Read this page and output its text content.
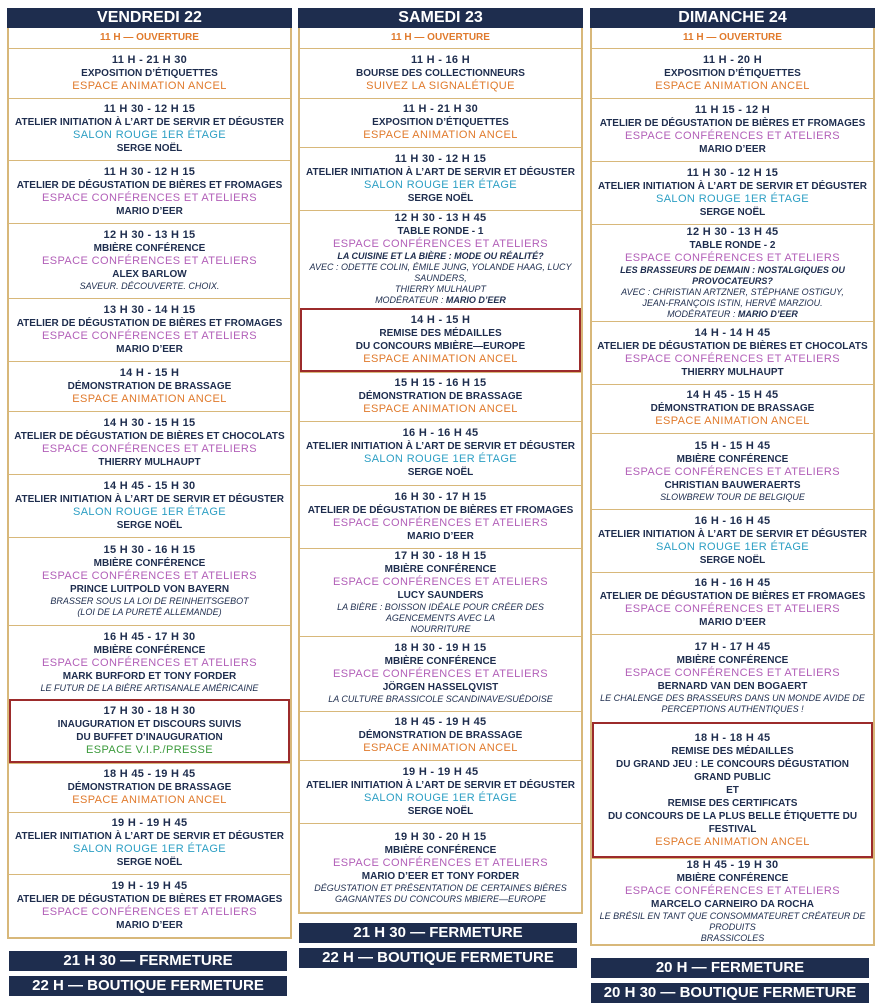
VENDREDI 22
11 H — OUVERTURE
11 H - 21 H 30
EXPOSITION D’ÉTIQUETTES
ESPACE ANIMATION ANCEL
11 H 30 - 12 H 15
ATELIER INITIATION À L’ART DE SERVIR ET DÉGUSTER
SALON ROUGE 1ER ÉTAGE
SERGE NOËL
11 H 30 - 12 H 15
ATELIER DE DÉGUSTATION DE BIÈRES ET FROMAGES
ESPACE CONFÉRENCES ET ATELIERS
MARIO D’EER
12 H 30 - 13 H 15
MBIÈRE CONFÉRENCE
ESPACE CONFÉRENCES ET ATELIERS
ALEX BARLOW
SAVEUR. DÉCOUVERTE. CHOIX.
13 H 30 - 14 H 15
ATELIER DE DÉGUSTATION DE BIÈRES ET FROMAGES
ESPACE CONFÉRENCES ET ATELIERS
MARIO D’EER
14 H - 15 H
DÉMONSTRATION DE BRASSAGE
ESPACE ANIMATION ANCEL
14 H 30 - 15 H 15
ATELIER DE DÉGUSTATION DE BIÈRES ET CHOCOLATS
ESPACE CONFÉRENCES ET ATELIERS
THIERRY MULHAUPT
14 H 45 - 15 H 30
ATELIER INITIATION À L’ART DE SERVIR ET DÉGUSTER
SALON ROUGE 1ER ÉTAGE
SERGE NOËL
15 H 30 - 16 H 15
MBIÈRE CONFÉRENCE
ESPACE CONFÉRENCES ET ATELIERS
PRINCE LUITPOLD VON BAYERN
BRASSER SOUS LA LOI DE REINHEITSGEBOT
(LOI DE LA PURETÉ ALLEMANDE)
16 H 45 - 17 H 30
MBIÈRE CONFÉRENCE
ESPACE CONFÉRENCES ET ATELIERS
MARK BURFORD ET TONY FORDER
LE FUTUR DE LA BIÈRE ARTISANALE AMÉRICAINE
17 H 30 - 18 H 30
INAUGURATION ET DISCOURS SUIVIS
DU BUFFET D’INAUGURATION
ESPACE V.I.P./PRESSE
18 H 45 - 19 H 45
DÉMONSTRATION DE BRASSAGE
ESPACE ANIMATION ANCEL
19 H - 19 H 45
ATELIER INITIATION À L’ART DE SERVIR ET DÉGUSTER
SALON ROUGE 1ER ÉTAGE
SERGE NOËL
19 H - 19 H 45
ATELIER DE DÉGUSTATION DE BIÈRES ET FROMAGES
ESPACE CONFÉRENCES ET ATELIERS
MARIO D’EER
21 H 30 — FERMETURE
22 H — BOUTIQUE FERMETURE
SAMEDI 23
11 H — OUVERTURE
11 H - 16 H
BOURSE DES COLLECTIONNEURS
SUIVEZ LA SIGNALÉTIQUE
11 H - 21 H 30
EXPOSITION D’ÉTIQUETTES
ESPACE ANIMATION ANCEL
11 H 30 - 12 H 15
ATELIER INITIATION À L’ART DE SERVIR ET DÉGUSTER
SALON ROUGE 1ER ÉTAGE
SERGE NOËL
12 H 30 - 13 H 45
TABLE RONDE - 1
ESPACE CONFÉRENCES ET ATELIERS
LA CUISINE ET LA BIÈRE : MODE OU RÉALITÉ?
AVEC : ODETTE COLIN, ÉMILE JUNG, YOLANDE HAAG, LUCY SAUNDERS,
THIERRY MULHAUPT
MODÉRATEUR : MARIO D’EER
14 H - 15 H
REMISE DES MÉDAILLES
DU CONCOURS MBIÈRE—EUROPE
ESPACE ANIMATION ANCEL
15 H 15 - 16 H 15
DÉMONSTRATION DE BRASSAGE
ESPACE ANIMATION ANCEL
16 H - 16 H 45
ATELIER INITIATION À L’ART DE SERVIR ET DÉGUSTER
SALON ROUGE 1ER ÉTAGE
SERGE NOËL
16 H 30 - 17 H 15
ATELIER DE DÉGUSTATION DE BIÈRES ET FROMAGES
ESPACE CONFÉRENCES ET ATELIERS
MARIO D’EER
17 H 30 - 18 H 15
MBIÈRE CONFÉRENCE
ESPACE CONFÉRENCES ET ATELIERS
LUCY SAUNDERS
LA BIÈRE : BOISSON IDÉALE POUR CRÉER DES AGENCEMENTS AVEC LA
NOURRITURE
18 H 30 - 19 H 15
MBIÈRE CONFÉRENCE
ESPACE CONFÉRENCES ET ATELIERS
JÖRGEN HASSELQVIST
LA CULTURE BRASSICOLE SCANDINAVE/SUÉDOISE
18 H 45 - 19 H 45
DÉMONSTRATION DE BRASSAGE
ESPACE ANIMATION ANCEL
19 H - 19 H 45
ATELIER INITIATION À L’ART DE SERVIR ET DÉGUSTER
SALON ROUGE 1ER ÉTAGE
SERGE NOËL
19 H 30 - 20 H 15
MBIÈRE CONFÉRENCE
ESPACE CONFÉRENCES ET ATELIERS
MARIO D’EER ET TONY FORDER
DÉGUSTATION ET PRÉSENTATION DE CERTAINES BIÈRES
GAGNANTES DU CONCOURS MBIERE—EUROPE
21 H 30 — FERMETURE
22 H — BOUTIQUE FERMETURE
DIMANCHE 24
11 H — OUVERTURE
11 H - 20 H
EXPOSITION D’ÉTIQUETTES
ESPACE ANIMATION ANCEL
11 H 15 - 12 H
ATELIER DE DÉGUSTATION DE BIÈRES ET FROMAGES
ESPACE CONFÉRENCES ET ATELIERS
MARIO D’EER
11 H 30 - 12 H 15
ATELIER INITIATION À L’ART DE SERVIR ET DÉGUSTER
SALON ROUGE 1ER ÉTAGE
SERGE NOËL
12 H 30 - 13 H 45
TABLE RONDE - 2
ESPACE CONFÉRENCES ET ATELIERS
LES BRASSEURS DE DEMAIN : NOSTALGIQUES OU PROVOCATEURS?
AVEC : CHRISTIAN ARTZNER, STÉPHANE OSTIGUY,
JEAN-FRANÇOIS ISTIN, HERVÉ MARZIOU.
MODÉRATEUR : MARIO D’EER
14 H - 14 H 45
ATELIER DE DÉGUSTATION DE BIÈRES ET CHOCOLATS
ESPACE CONFÉRENCES ET ATELIERS
THIERRY MULHAUPT
14 H 45 - 15 H 45
DÉMONSTRATION DE BRASSAGE
ESPACE ANIMATION ANCEL
15 H - 15 H 45
MBIÈRE CONFÉRENCE
ESPACE CONFÉRENCES ET ATELIERS
CHRISTIAN BAUWERAERTS
SLOWBREW TOUR DE BELGIQUE
16 H - 16 H 45
ATELIER INITIATION À L’ART DE SERVIR ET DÉGUSTER
SALON ROUGE 1ER ÉTAGE
SERGE NOËL
16 H - 16 H 45
ATELIER DE DÉGUSTATION DE BIÈRES ET FROMAGES
ESPACE CONFÉRENCES ET ATELIERS
MARIO D’EER
17 H - 17 H 45
MBIÈRE CONFÉRENCE
ESPACE CONFÉRENCES ET ATELIERS
BERNARD VAN DEN BOGAERT
LE CHALENGE DES BRASSEURS DANS UN MONDE AVIDE DE
PERCEPTIONS AUTHENTIQUES !
18 H - 18 H 45
REMISE DES MÉDAILLES
DU GRAND JEU : LE CONCOURS DÉGUSTATION
GRAND PUBLIC
ET
REMISE DES CERTIFICATS
DU CONCOURS DE LA PLUS BELLE ÉTIQUETTE DU
FESTIVAL
ESPACE ANIMATION ANCEL
18 H 45 - 19 H 30
MBIÈRE CONFÉRENCE
ESPACE CONFÉRENCES ET ATELIERS
MARCELO CARNEIRO DA ROCHA
LE BRÉSIL EN TANT QUE CONSOMMATEURET CRÉATEUR DE PRODUITS
BRASSICOLES
20 H — FERMETURE
20 H 30 — BOUTIQUE FERMETURE
